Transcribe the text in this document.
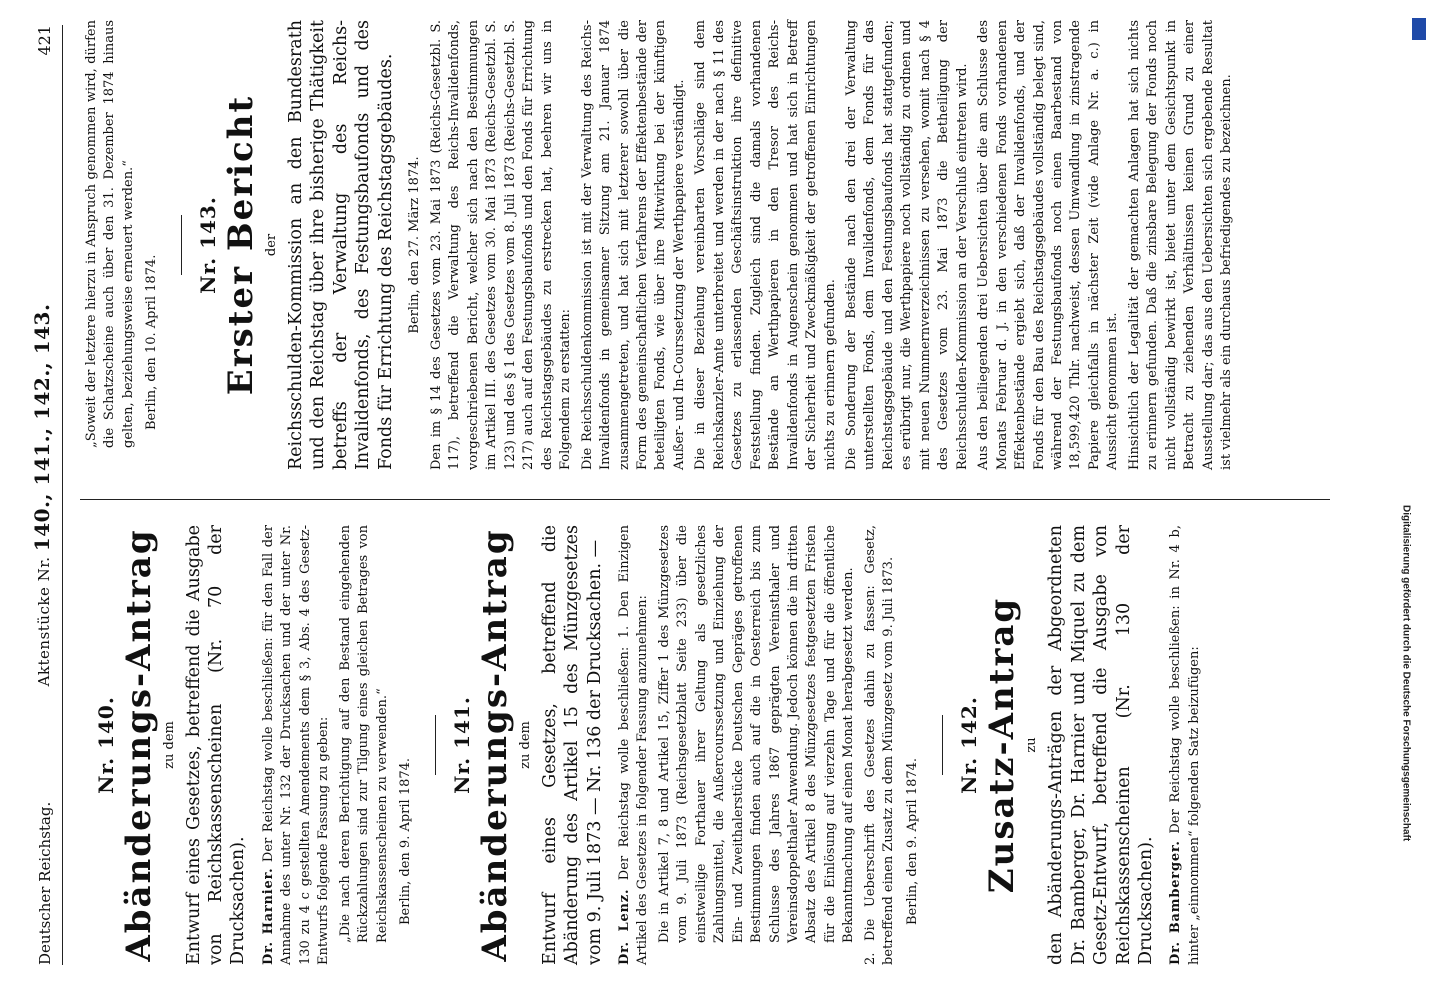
Deutscher Reichstag.
Aktenstücke Nr. 140., 141., 142., 143.
421
Nr. 140. Abänderungs-Antrag zu dem Entwurf eines Gesetzes, betreffend die Ausgabe von Reichskassenscheinen (Nr. 70 der Drucksachen). Dr. Harnier. Der Reichstag wolle beschließen: für den Fall der Annahme des unter Nr. 132 der Drucksachen und der unter Nr. 130 zu 4 c gestellten Amendements dem § 3, Abs. 4 des Gesetz-Entwurfs folgende Fassung zu geben: „Die nach deren Berichtigung auf den Bestand eingehenden Rückzahlungen sind zur Tilgung eines gleichen Betrages von Reichskassenscheinen zu verwenden.“ Berlin, den 9. April 1874.
Nr. 141. Abänderungs-Antrag zu dem Entwurf eines Gesetzes, betreffend die Abänderung des Artikel 15 des Münzgesetzes vom 9. Juli 1873 — Nr. 136 der Drucksachen. — Dr. Lenz. Der Reichstag wolle beschließen: 1. Den Einzigen Artikel des Gesetzes in folgender Fassung anzunehmen: Die in Artikel 7, 8 und Artikel 15, Ziffer 1 des Münzgesetzes vom 9. Juli 1873 (Reichsgesetzblatt Seite 233) über die einstweilige Forthauer ihrer Geltung als gesetzliches Zahlungsmittel, die Außercourssetzung und Einziehung der Ein- und Zweithalerstücke Deutschen Gepräges getroffenen Bestimmungen finden auch auf die in Oesterreich bis zum Schlusse des Jahres 1867 geprägten Vereinsthaler und Vereinsdoppelthaler Anwendung. Jedoch können die im dritten Absatz des Artikel 8 des Münzgesetzes festgesetzten Fristen für die Einlösung auf vierzehn Tage und für die öffentliche Bekanntmachung auf einen Monat herabgesetzt werden. 2. Die Ueberschrift des Gesetzes dahin zu fassen: Gesetz, betreffend einen Zusatz zu dem Münzgesetz vom 9. Juli 1873. Berlin, den 9. April 1874.
Nr. 142. Zusatz-Antrag zu den Abänderungs-Anträgen der Abgeordneten Dr. Bamberger, Dr. Harnier und Miquel zu dem Gesetz-Entwurf, betreffend die Ausgabe von Reichskassenscheinen (Nr. 130 der Drucksachen). Dr. Bamberger. Der Reichstag wolle beschließen: in Nr. 4 b, hinter „einnommen“ folgenden Satz beizufügen:

„Soweit der letztere hierzu in Anspruch genommen wird, dürfen die Schatzscheine auch über den 31. Dezember 1874 hinaus gelten, beziehungsweise erneuert werden.“ Berlin, den 10. April 1874.
Nr. 143. Erster Bericht der Reichsschulden-Kommission an den Bundesrath und den Reichstag über ihre bisherige Thätigkeit betreffs der Verwaltung des Reichs-Invalidenfonds, des Festungsbaufonds und des Fonds für Errichtung des Reichstagsgebäudes. Berlin, den 27. März 1874. Den im § 14 des Gesetzes vom 23. Mai 1873 (Reichs-Gesetzbl. S. 117), betreffend die Verwaltung des Reichs-Invalidenfonds, vorgeschriebenen Bericht, welcher sich nach den Bestimmungen im Artikel III. des Gesetzes vom 30. Mai 1873 (Reichs-Gesetzbl. S. 123) und des § 1 des Gesetzes vom 8. Juli 1873 (Reichs-Gesetzbl. S. 217) auch auf den Festungsbaufonds und den Fonds für Errichtung des Reichstagsgebäudes zu erstrecken hat, beehren wir uns in Folgendem zu erstatten: Die Reichsschuldenkommission ist mit der Verwaltung des Reichs-Invalidenfonds in gemeinsamer Sitzung am 21. Januar 1874 zusammengetreten, und hat sich mit letzterer sowohl über die Form des gemeinschaftlichen Verfahrens der Effektenbestände der beteiligten Fonds, wie über ihre Mitwirkung bei der künftigen Außer- und In-Courssetzung der Werthpapiere verständigt. Die in dieser Beziehung vereinbarten Vorschläge sind dem Reichskanzler-Amte unterbreitet und werden in der nach § 11 des Gesetzes zu erlassenden Geschäftsinstruktion ihre definitive Feststellung finden. Zugleich sind die damals vorhandenen Bestände an Werthpapieren in den Tresor des Reichs-Invalidenfonds in Augenschein genommen und hat sich in Betreff der Sicherheit und Zweckmäßigkeit der getroffenen Einrichtungen nichts zu erinnern gefunden. Die Sonderung der Bestände nach den drei der Verwaltung unterstellten Fonds, dem Invalidenfonds, dem Fonds für das Reichstagsgebäude und den Festungsbaufonds hat stattgefunden; es erübrigt nur, die Werthpapiere noch vollständig zu ordnen und mit neuen Nummernverzeichnissen zu versehen, womit nach § 4 des Gesetzes vom 23. Mai 1873 die Betheiligung der Reichsschulden-Kommission an der Verschluß eintreten wird. Aus den beiliegenden drei Uebersichten über die am Schlusse des Monats Februar d. J. in den verschiedenen Fonds vorhandenen Effektenbestände ergiebt sich, daß der Invalidenfonds, und der Fonds für den Bau des Reichstagsgebäudes vollständig belegt sind, während der Festungsbaufonds noch einen Baarbestand von 18,599,420 Thlr. nachweist, dessen Umwandlung in zinstragende Papiere gleichfalls in nächster Zeit (vide Anlage Nr. a. c.) in Aussicht genommen ist. Hinsichtlich der Legalität der gemachten Anlagen hat sich nichts zu erinnern gefunden. Daß die zinsbare Belegung der Fonds noch nicht vollständig bewirkt ist, bietet unter dem Gesichtspunkt in Betracht zu ziehenden Verhältnissen keinen Grund zu einer Ausstellung dar; das aus den Uebersichten sich ergebende Resultat ist vielmehr als ein durchaus befriedigendes zu bezeichnen.

Digitalisierung gefördert durch die Deutsche Forschungsgemeinschaft
